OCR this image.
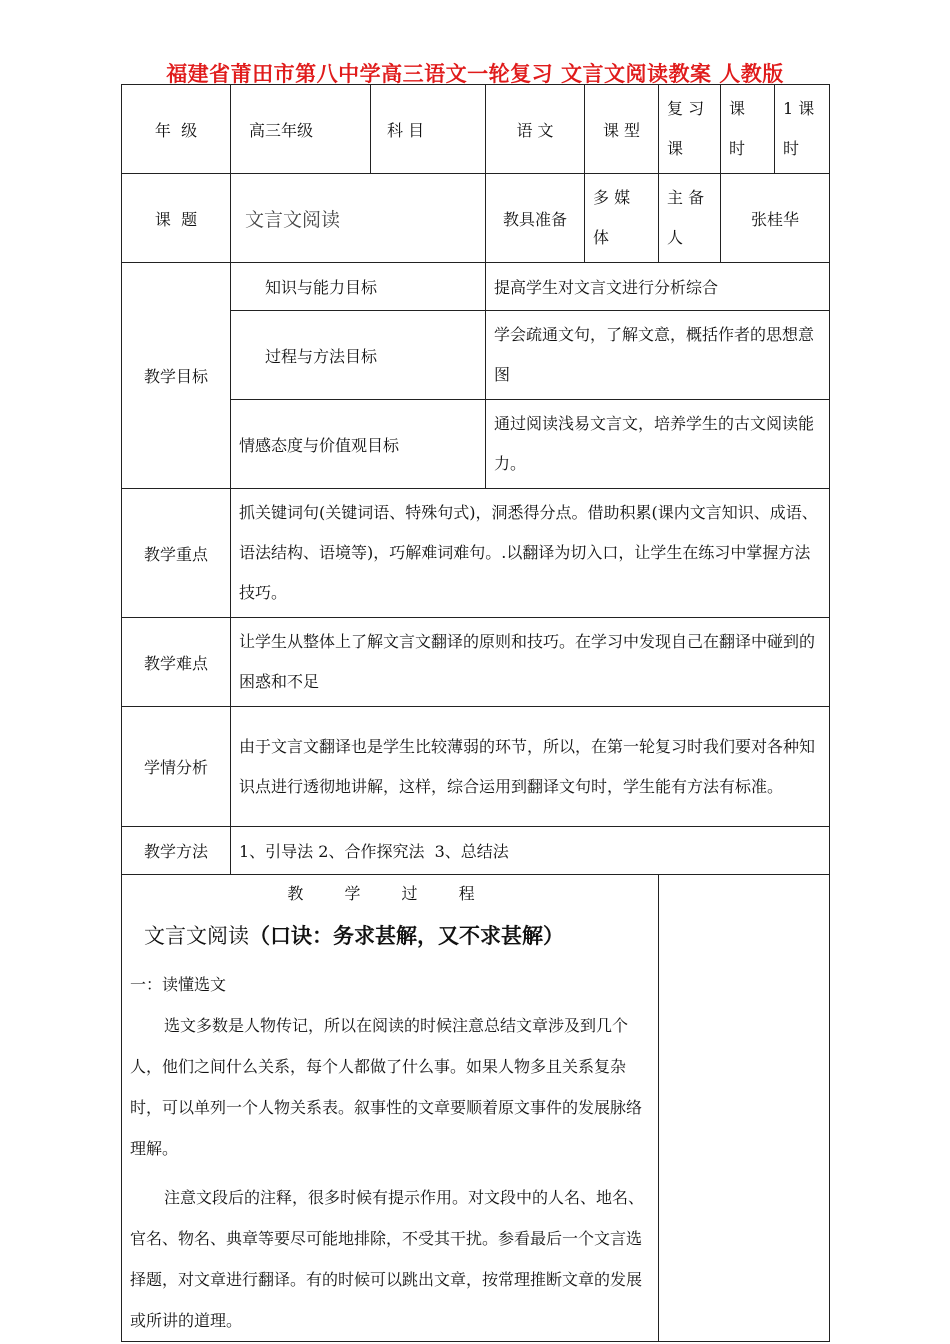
福建省莆田市第八中学高三语文一轮复习 文言文阅读教案 人教版
年  级	高三年级	科 目	语 文	课 型	复 习 课	课 时	1 课时
课  题	文言文阅读		教具准备	多 媒 体	主 备 人	张桂华	
教学目标	知识与能力目标		提高学生对文言文进行分析综合				
	过程与方法目标		学会疏通文句，了解文意，概括作者的思想意图				
	情感态度与价值观目标		通过阅读浅易文言文，培养学生的古文阅读能力。				
教学重点	抓关键词句(关键词语、特殊句式)，洞悉得分点。借助积累(课内文言知识、成语、语法结构、语境等)，巧解难词难句。.以翻译为切入口，让学生在练习中掌握方法技巧。						
教学难点	让学生从整体上了解文言文翻译的原则和技巧。在学习中发现自己在翻译中碰到的困惑和不足						
学情分析	由于文言文翻译也是学生比较薄弱的环节，所以，在第一轮复习时我们要对各种知识点进行透彻地讲解，这样，综合运用到翻译文句时，学生能有方法有标准。						
教学方法	1、引导法 2、合作探究法  3、总结法						

教 学 过 程
文言文阅读（口诀：务求甚解，又不求甚解）
一：读懂选文
选文多数是人物传记，所以在阅读的时候注意总结文章涉及到几个人，他们之间什么关系，每个人都做了什么事。如果人物多且关系复杂时，可以单列一个人物关系表。叙事性的文章要顺着原文事件的发展脉络理解。
注意文段后的注释，很多时候有提示作用。对文段中的人名、地名、官名、物名、典章等要尽可能地排除，不受其干扰。参看最后一个文言选择题，对文章进行翻译。有的时候可以跳出文章，按常理推断文章的发展或所讲的道理。							
